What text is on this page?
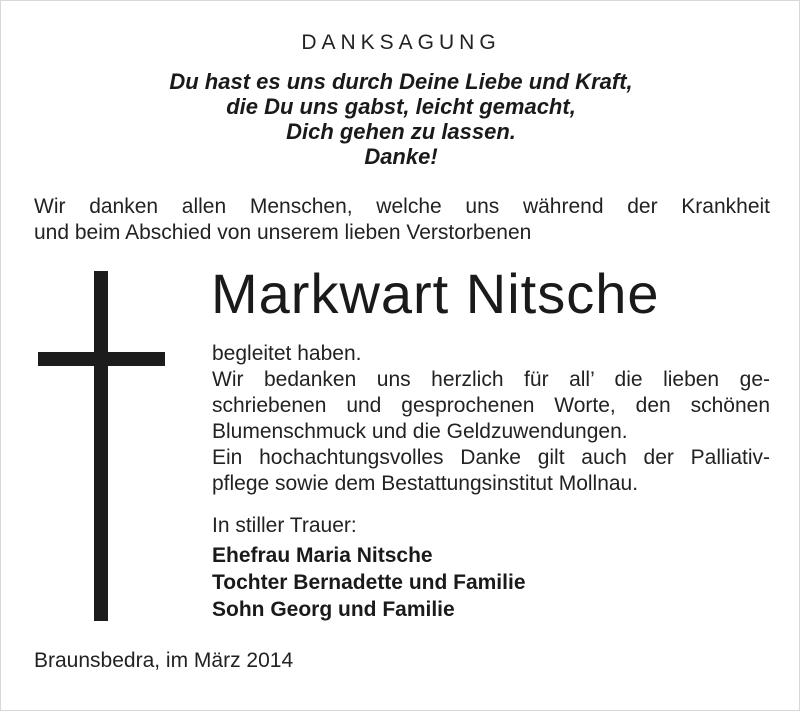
DANKSAGUNG
Du hast es uns durch Deine Liebe und Kraft,
die Du uns gabst, leicht gemacht,
Dich gehen zu lassen.
Danke!
Wir danken allen Menschen, welche uns während der Krankheit
und beim Abschied von unserem lieben Verstorbenen
Markwart Nitsche
begleitet haben.
Wir bedanken uns herzlich für all’ die lieben ge-
schriebenen und gesprochenen Worte, den schönen
Blumenschmuck und die Geldzuwendungen.
Ein hochachtungsvolles Danke gilt auch der Palliativ-
pflege sowie dem Bestattungsinstitut Mollnau.
In stiller Trauer:
Ehefrau Maria Nitsche
Tochter Bernadette und Familie
Sohn Georg und Familie
Braunsbedra, im März 2014
